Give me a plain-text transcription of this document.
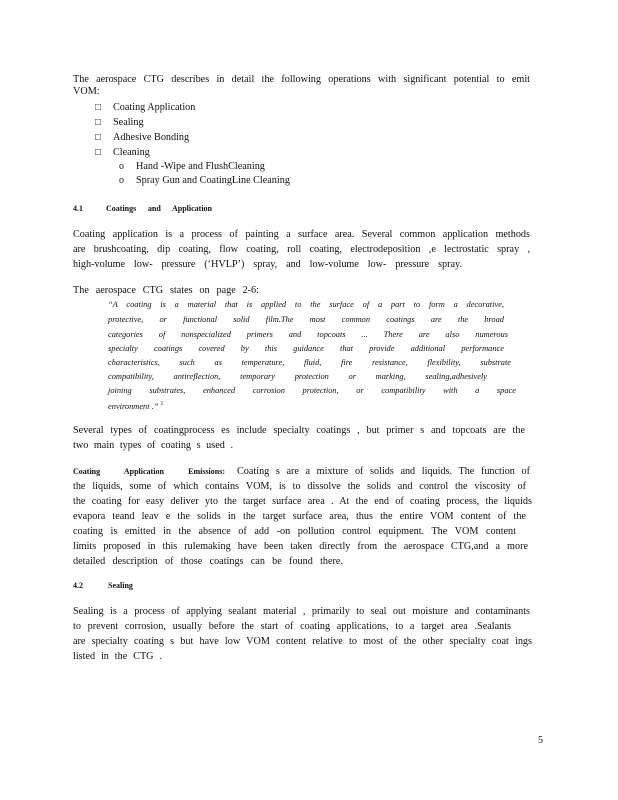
The aerospace CTG describes in detail the following operations with significant potential to emit
VOM:
□ Coating Application
□ Sealing
□ Adhesive Bonding
□ Cleaning
o Hand -Wipe and FlushCleaning
o Spray Gun and CoatingLine Cleaning
4.1	Coatings and Application
Coating application is a process of painting a surface area. Several common application methods
are brushcoating, dip coating, flow coating, roll coating, electrodeposition ,e lectrostatic spray ,
high-volume low- pressure (‘HVLP’) spray, and low-volume low- pressure spray.
The aerospace CTG states on page 2-6:
“A coating is a material that is applied to the surface of a part to form a decorative,
protective, or functional solid film.The most common coatings are the broad
categories of nonspecialized primers and topcoats ... There are also numerous
specialty coatings covered by this guidance that provide additional performance
characteristics, such as temperature, fluid, fire resistance, flexibility, substrate
compatibility, antireflection, temporary protection or marking, sealing,adhesively
joining substrates, enhanced corrosion protection, or compatibility with a space
environment .” $^1$
Several types of coatingprocess es include specialty coatings , but primer s and topcoats are the
two main types of coating s used .
Coating Application Emissions: Coating s are a mixture of solids and liquids. The function of
the liquids, some of which contains VOM, is to dissolve the solids and control the viscosity of
the coating for easy deliver yto the target surface area . At the end of coating process, the liquids
evapora teand leav e the solids in the target surface area, thus the entire VOM content of the
coating is emitted in the absence of add -on pollution control equipment. The VOM content
limits proposed in this rulemaking have been taken directly from the aerospace CTG,and a more
detailed description of those coatings can be found there.
4.2	Sealing
Sealing is a process of applying sealant material , primarily to seal out moisture and contaminants
to prevent corrosion, usually before the start of coating applications, to a target area .Sealants
are specialty coating s but have low VOM content relative to most of the other specialty coat ings
listed in the CTG .
5
